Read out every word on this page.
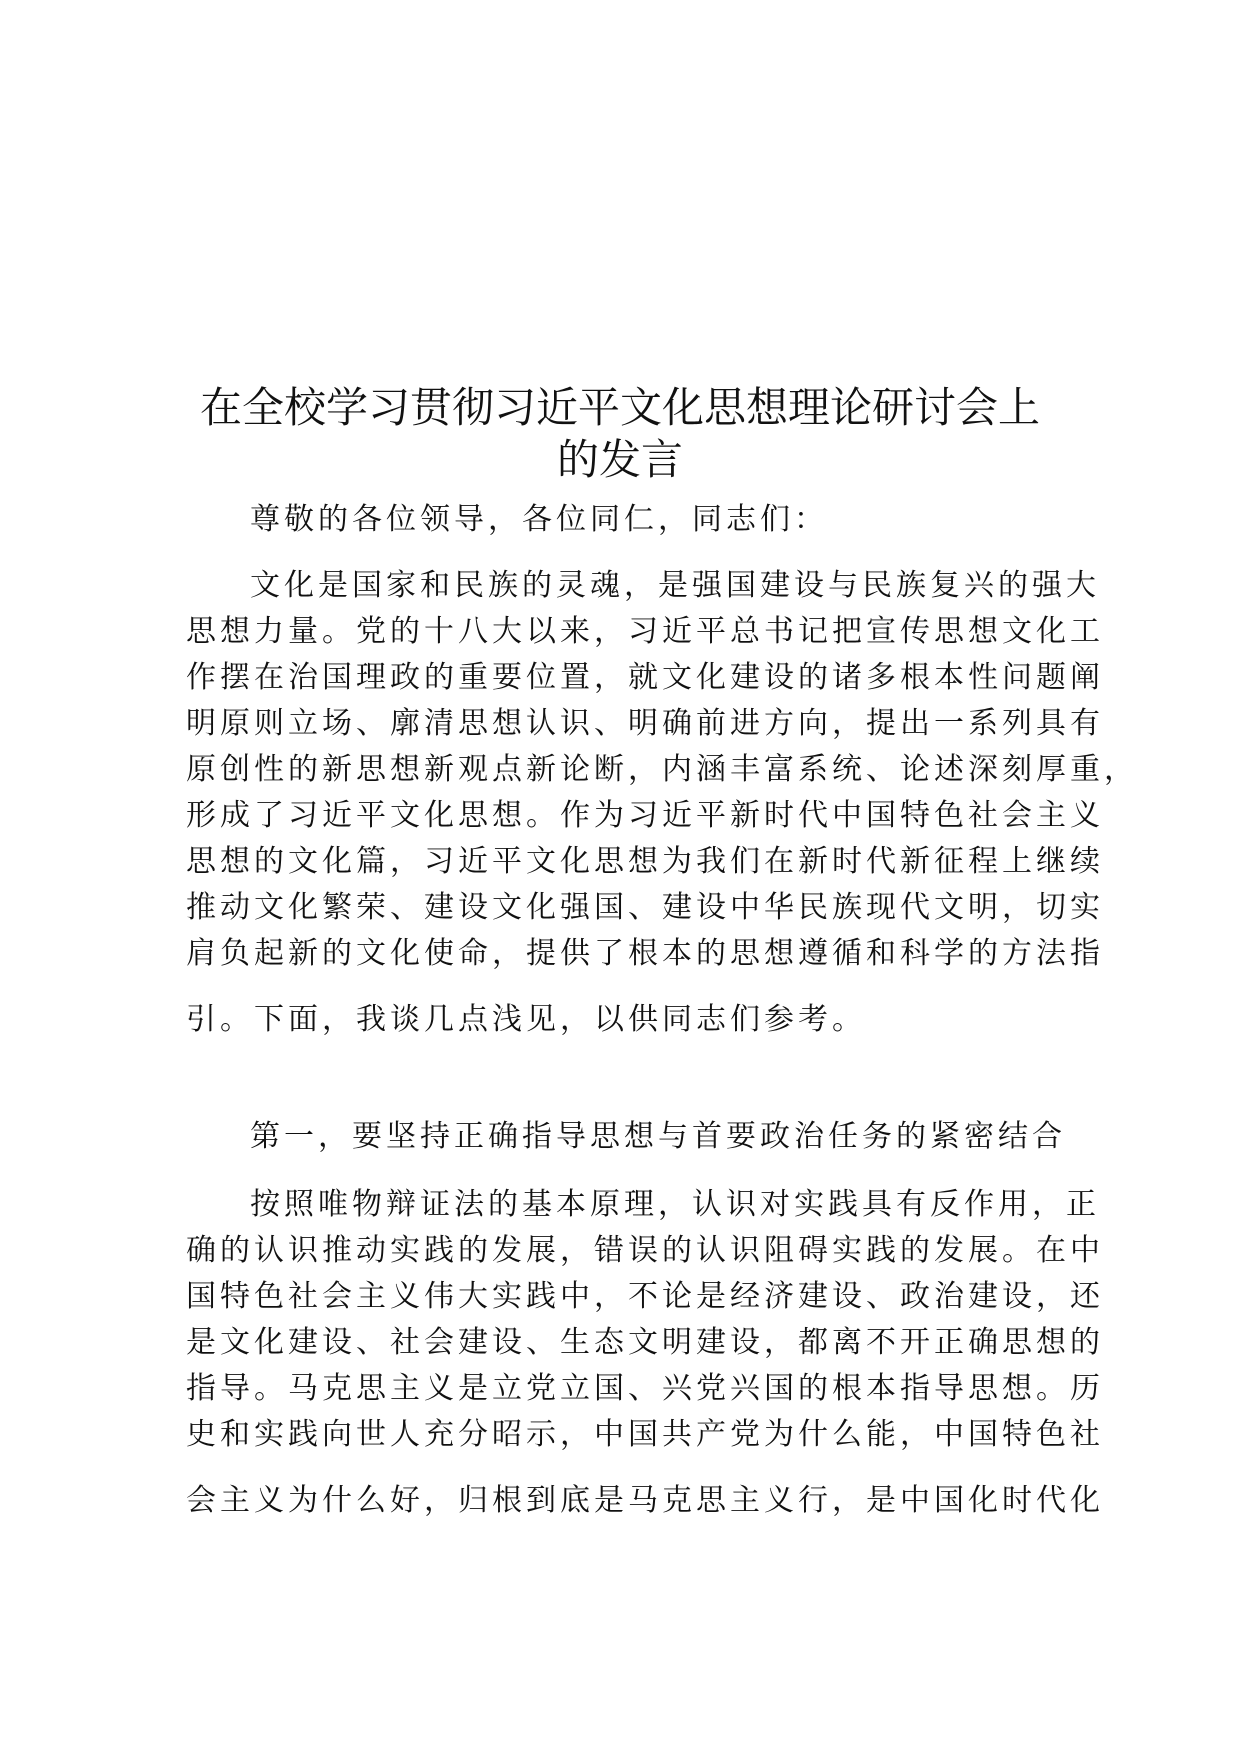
在全校学习贯彻习近平文化思想理论研讨会上
的发言

尊敬的各位领导，各位同仁，同志们：

文化是国家和民族的灵魂，是强国建设与民族复兴的强大

思想力量。党的十八大以来，习近平总书记把宣传思想文化工

作摆在治国理政的重要位置，就文化建设的诸多根本性问题阐

明原则立场、廓清思想认识、明确前进方向，提出一系列具有

原创性的新思想新观点新论断，内涵丰富系统、论述深刻厚重，

形成了习近平文化思想。作为习近平新时代中国特色社会主义

思想的文化篇，习近平文化思想为我们在新时代新征程上继续

推动文化繁荣、建设文化强国、建设中华民族现代文明，切实

肩负起新的文化使命，提供了根本的思想遵循和科学的方法指

引。下面，我谈几点浅见，以供同志们参考。

第一，要坚持正确指导思想与首要政治任务的紧密结合

按照唯物辩证法的基本原理，认识对实践具有反作用，正

确的认识推动实践的发展，错误的认识阻碍实践的发展。在中

国特色社会主义伟大实践中，不论是经济建设、政治建设，还

是文化建设、社会建设、生态文明建设，都离不开正确思想的

指导。马克思主义是立党立国、兴党兴国的根本指导思想。历

史和实践向世人充分昭示，中国共产党为什么能，中国特色社

会主义为什么好，归根到底是马克思主义行，是中国化时代化
